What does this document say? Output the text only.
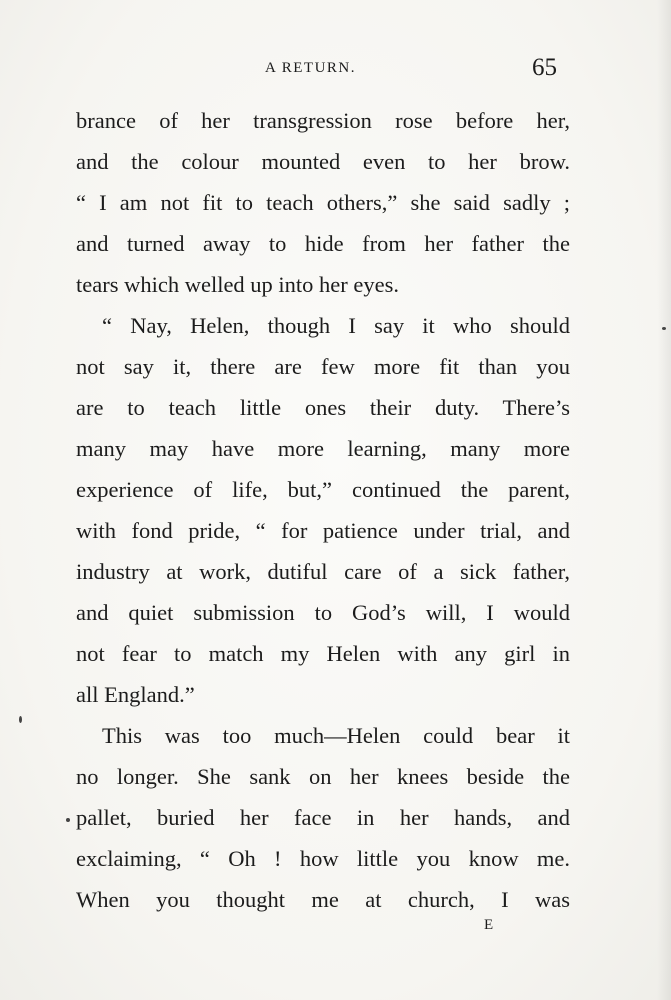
A RETURN.	65
brance of her transgression rose before her,
and the colour mounted even to her brow.
“ I am not fit to teach others,” she said sadly ;
and turned away to hide from her father the
tears which welled up into her eyes.
“ Nay, Helen, though I say it who should
not say it, there are few more fit than you
are to teach little ones their duty. There’s
many may have more learning, many more
experience of life, but,” continued the parent,
with fond pride, “ for patience under trial, and
industry at work, dutiful care of a sick father,
and quiet submission to God’s will, I would
not fear to match my Helen with any girl in
all England.”
This was too much—Helen could bear it
no longer. She sank on her knees beside the
pallet, buried her face in her hands, and
exclaiming, “ Oh ! how little you know me.
When you thought me at church, I was
E
